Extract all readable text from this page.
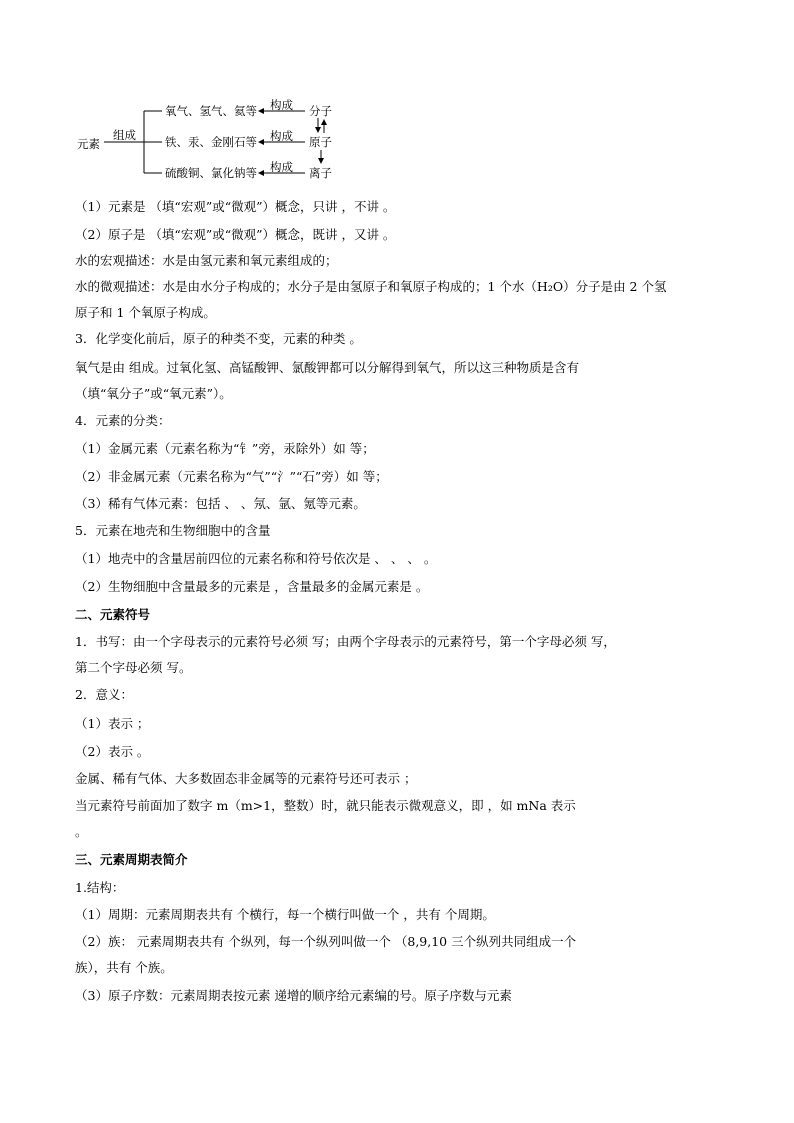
元素
组成
氧气、氢气、氦等 构成 分子
铁、汞、金刚石等 构成 原子
硫酸铜、氯化钠等 构成 离子
（1）元素是 （填“宏观”或“微观”）概念，只讲 ，不讲 。
（2）原子是 （填“宏观”或“微观”）概念，既讲 ，又讲 。
水的宏观描述：水是由氢元素和氧元素组成的；
水的微观描述：水是由水分子构成的；水分子是由氢原子和氧原子构成的；1 个水（H₂O）分子是由 2 个氢
原子和 1 个氧原子构成。
3．化学变化前后，原子的种类不变，元素的种类 。
氧气是由 组成。过氧化氢、高锰酸钾、氯酸钾都可以分解得到氧气，所以这三种物质是含有
（填“氧分子”或“氧元素”）。
4．元素的分类：
（1）金属元素（元素名称为“钅”旁，汞除外）如 等；
（2）非金属元素（元素名称为“气”“氵”“石”旁）如 等；
（3）稀有气体元素：包括 、 、氖、氩、氪等元素。
5．元素在地壳和生物细胞中的含量
（1）地壳中的含量居前四位的元素名称和符号依次是 、 、 、 。
（2）生物细胞中含量最多的元素是 ，含量最多的金属元素是 。
二、元素符号
1．书写：由一个字母表示的元素符号必须 写；由两个字母表示的元素符号，第一个字母必须 写，
第二个字母必须 写。
2．意义：
（1）表示 ；
（2）表示 。
金属、稀有气体、大多数固态非金属等的元素符号还可表示 ；
当元素符号前面加了数字 m（m>1，整数）时，就只能表示微观意义，即 ，如 mNa 表示
。
三、元素周期表简介
1.结构：
（1）周期：元素周期表共有 个横行，每一个横行叫做一个 ，共有 个周期。
（2）族： 元素周期表共有 个纵列，每一个纵列叫做一个 （8,9,10 三个纵列共同组成一个
族），共有 个族。
（3）原子序数：元素周期表按元素 递增的顺序给元素编的号。原子序数与元素
